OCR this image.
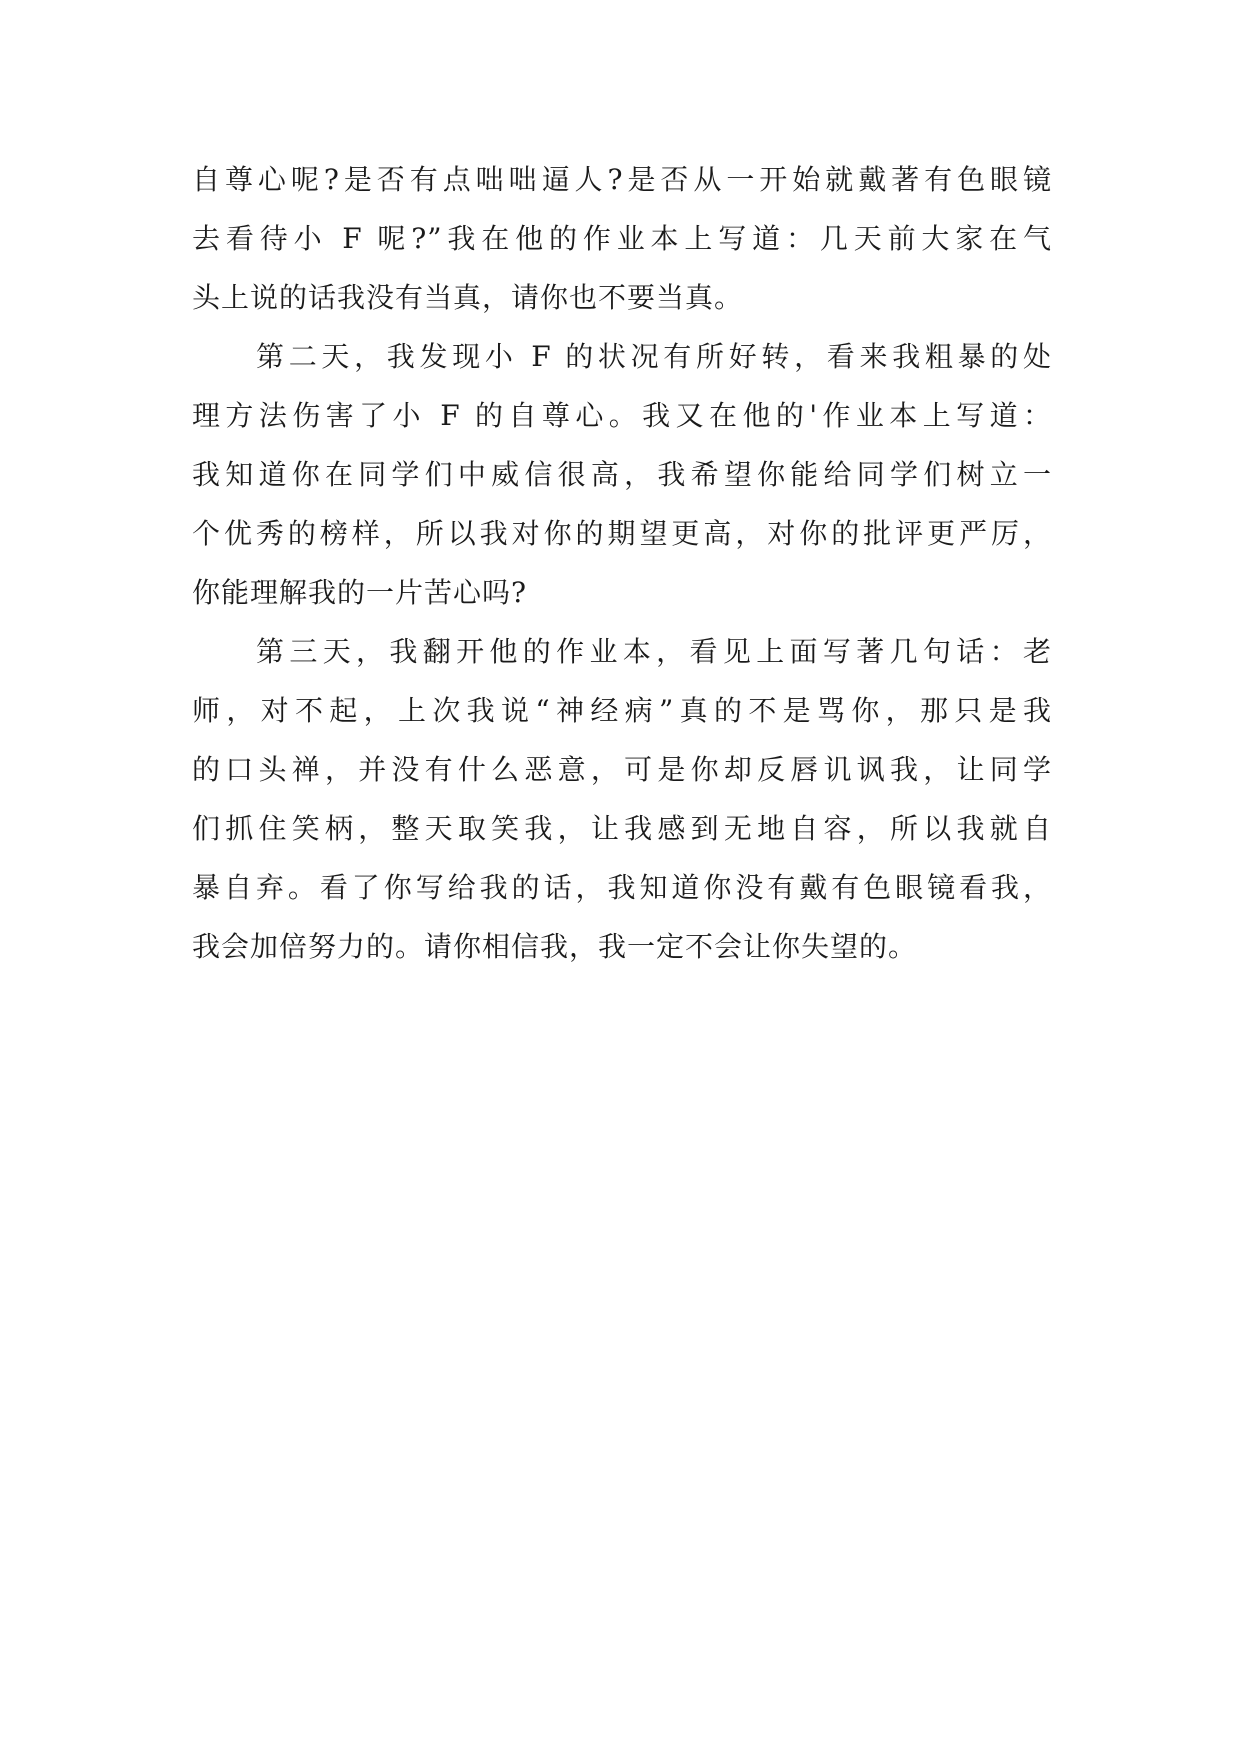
自尊心呢?是否有点咄咄逼人?是否从一开始就戴著有色眼镜
去看待小 F 呢?”我在他的作业本上写道：几天前大家在气
头上说的话我没有当真，请你也不要当真。
第二天，我发现小 F 的状况有所好转，看来我粗暴的处
理方法伤害了小 F 的自尊心。我又在他的'作业本上写道：
我知道你在同学们中威信很高，我希望你能给同学们树立一
个优秀的榜样，所以我对你的期望更高，对你的批评更严厉，
你能理解我的一片苦心吗?
第三天，我翻开他的作业本，看见上面写著几句话：老
师，对不起，上次我说“神经病”真的不是骂你，那只是我
的口头禅，并没有什么恶意，可是你却反唇讥讽我，让同学
们抓住笑柄，整天取笑我，让我感到无地自容，所以我就自
暴自弃。看了你写给我的话，我知道你没有戴有色眼镜看我，
我会加倍努力的。请你相信我，我一定不会让你失望的。
